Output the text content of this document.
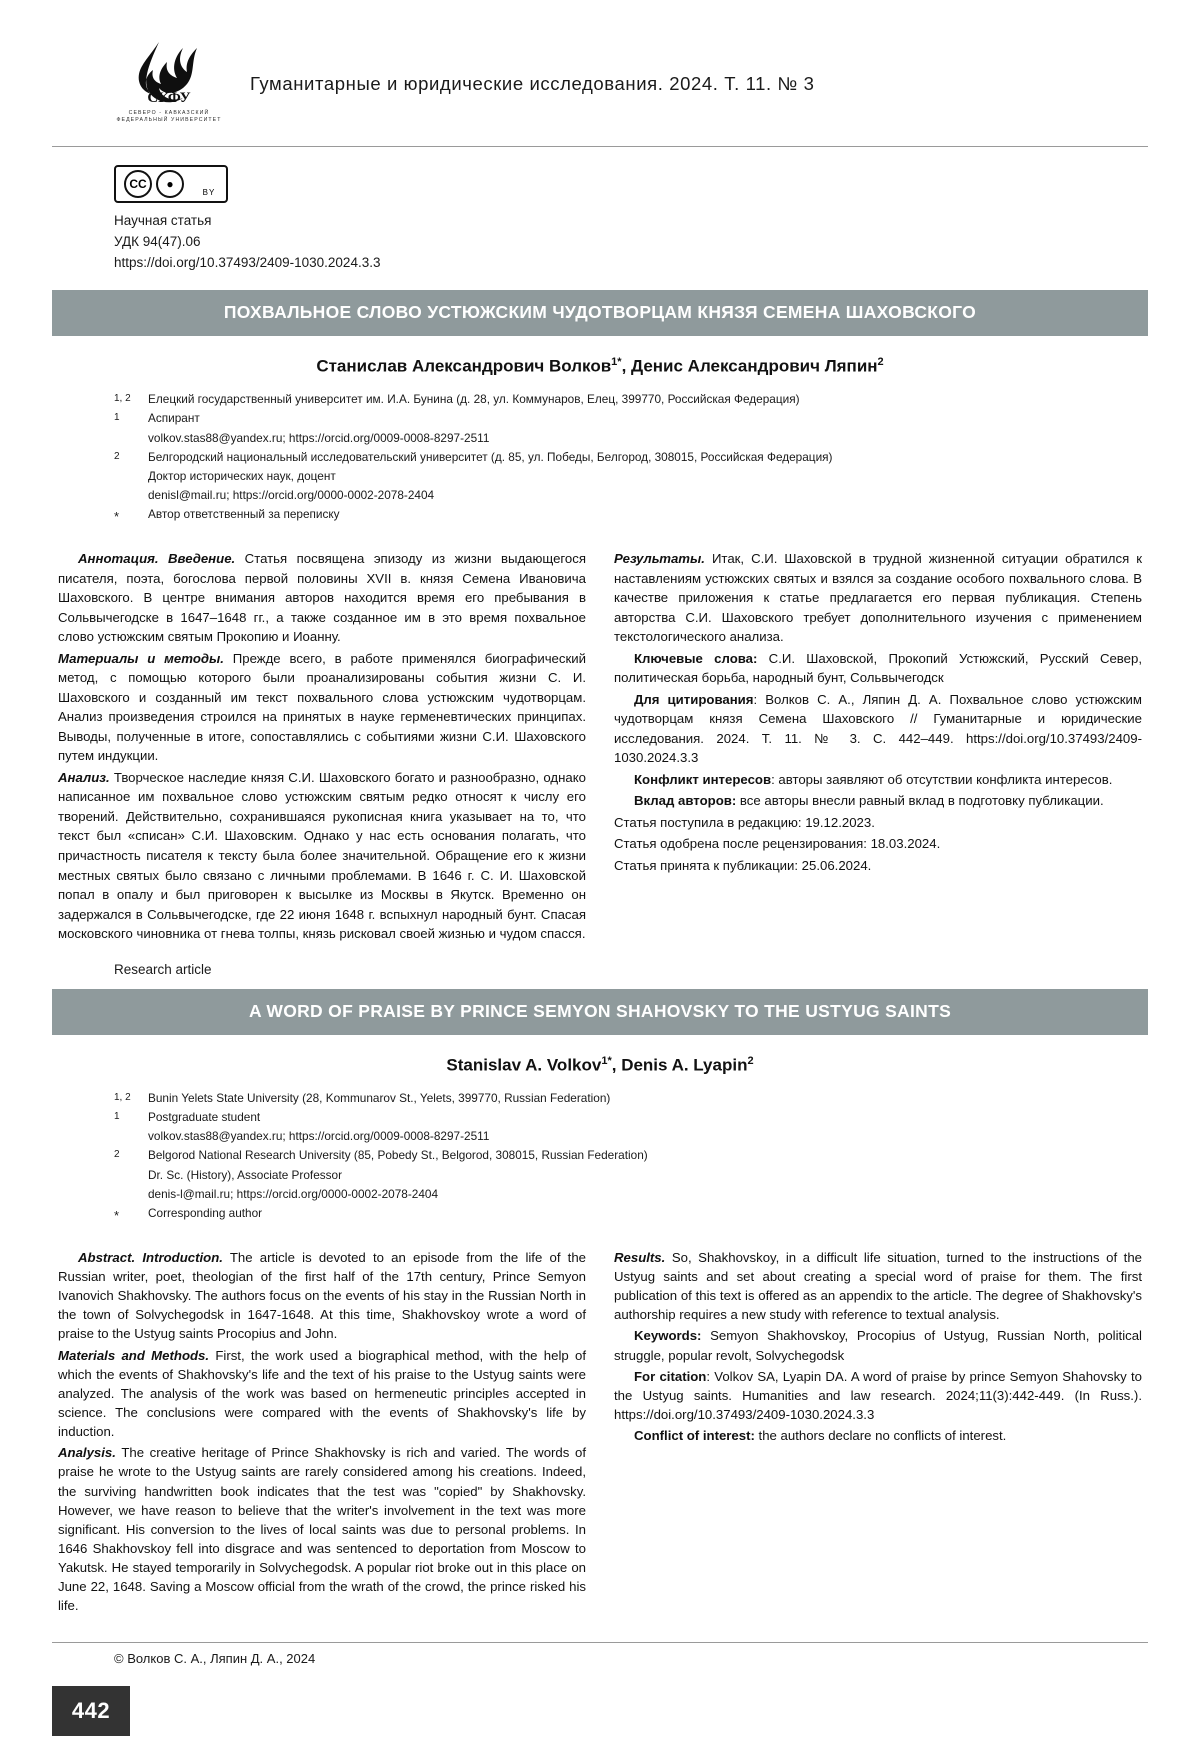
СКФУ
СЕВЕРО - КАВКАЗСКИЙ
ФЕДЕРАЛЬНЫЙ УНИВЕРСИТЕТ
Гуманитарные и юридические исследования. 2024. Т. 11. № 3
CC	●
BY
Научная статья
УДК 94(47).06
https://doi.org/10.37493/2409-1030.2024.3.3
ПОХВАЛЬНОЕ СЛОВО УСТЮЖСКИМ ЧУДОТВОРЦАМ КНЯЗЯ СЕМЕНА ШАХОВСКОГО
Станислав Александрович Волков$^{1*}$, Денис Александрович Ляпин$^2$
1, 2	Елецкий государственный университет им. И.А. Бунина (д. 28, ул. Коммунаров, Елец, 399770, Российская Федерация)
1	Аспирант
volkov.stas88@yandex.ru; https://orcid.org/0009-0008-8297-2511
2	Белгородский национальный исследовательский университет (д. 85, ул. Победы, Белгород, 308015, Российская Федерация)
Доктор исторических наук, доцент
denisl@mail.ru; https://orcid.org/0000-0002-2078-2404
*	Автор ответственный за переписку

Аннотация. Введение. Статья посвящена эпизоду из жизни выдающегося писателя, поэта, богослова первой половины XVII в. князя Семена Ивановича Шаховского. В центре внимания авторов находится время его пребывания в Сольвычегодске в 1647–1648 гг., а также созданное им в это время похвальное слово устюжским святым Прокопию и Иоанну.

Материалы и методы. Прежде всего, в работе применялся биографический метод, с помощью которого были проанализированы события жизни С. И. Шаховского и созданный им текст похвального слова устюжским чудотворцам. Анализ произведения строился на принятых в науке герменевтических принципах. Выводы, полученные в итоге, сопоставлялись с событиями жизни С.И. Шаховского путем индукции.

Анализ. Творческое наследие князя С.И. Шаховского богато и разнообразно, однако написанное им похвальное слово устюжским святым редко относят к числу его творений. Действительно, сохранившаяся рукописная книга указывает на то, что текст был «списан» С.И. Шаховским. Однако у нас есть основания полагать, что причастность писателя к тексту была более значительной. Обращение его к жизни местных святых было связано с личными проблемами. В 1646 г. С. И. Шаховской попал в опалу и был приговорен к высылке из Москвы в Якутск. Временно он задержался в Сольвычегодске, где 22 июня 1648 г. вспыхнул народный бунт. Спасая московского чиновника от гнева толпы, князь рисковал своей жизнью и чудом спасся.

Результаты. Итак, С.И. Шаховской в трудной жизненной ситуации обратился к наставлениям устюжских святых и взялся за создание особого похвального слова. В качестве приложения к статье предлагается его первая публикация. Степень авторства С.И. Шаховского требует дополнительного изучения с применением текстологического анализа.

Ключевые слова: С.И. Шаховской, Прокопий Устюжский, Русский Север, политическая борьба, народный бунт, Сольвычегодск

Для цитирования: Волков С. А., Ляпин Д. А. Похвальное слово устюжским чудотворцам князя Семена Шаховского // Гуманитарные и юридические исследования. 2024. Т. 11. № 3. С. 442–449. https://doi.org/10.37493/2409-1030.2024.3.3

Конфликт интересов: авторы заявляют об отсутствии конфликта интересов.

Вклад авторов: все авторы внесли равный вклад в подготовку публикации.

Статья поступила в редакцию: 19.12.2023.

Статья одобрена после рецензирования: 18.03.2024.

Статья принята к публикации: 25.06.2024.

Research article
A WORD OF PRAISE BY PRINCE SEMYON SHAHOVSKY TO THE USTYUG SAINTS
Stanislav A. Volkov$^{1*}$, Denis A. Lyapin$^2$
1, 2	Bunin Yelets State University (28, Kommunarov St., Yelets, 399770, Russian Federation)
1	Postgraduate student
volkov.stas88@yandex.ru; https://orcid.org/0009-0008-8297-2511
2	Belgorod National Research University (85, Pobedy St., Belgorod, 308015, Russian Federation)
Dr. Sc. (History), Associate Professor
denis-l@mail.ru; https://orcid.org/0000-0002-2078-2404
*	Corresponding author

Abstract. Introduction. The article is devoted to an episode from the life of the Russian writer, poet, theologian of the first half of the 17th century, Prince Semyon Ivanovich Shakhovsky. The authors focus on the events of his stay in the Russian North in the town of Solvychegodsk in 1647-1648. At this time, Shakhovskoy wrote a word of praise to the Ustyug saints Procopius and John.

Materials and Methods. First, the work used a biographical method, with the help of which the events of Shakhovsky's life and the text of his praise to the Ustyug saints were analyzed. The analysis of the work was based on hermeneutic principles accepted in science. The conclusions were compared with the events of Shakhovsky's life by induction.

Analysis. The creative heritage of Prince Shakhovsky is rich and varied. The words of praise he wrote to the Ustyug saints are rarely considered among his creations. Indeed, the surviving handwritten book indicates that the test was "copied" by Shakhovsky. However, we have reason to believe that the writer's involvement in the text was more significant. His conversion to the lives of local saints was due to personal problems. In 1646 Shakhovskoy fell into disgrace and was sentenced to deportation from Moscow to Yakutsk. He stayed temporarily in Solvychegodsk. A popular riot broke out in this place on June 22, 1648. Saving a Moscow official from the wrath of the crowd, the prince risked his life.

Results. So, Shakhovskoy, in a difficult life situation, turned to the instructions of the Ustyug saints and set about creating a special word of praise for them. The first publication of this text is offered as an appendix to the article. The degree of Shakhovsky's authorship requires a new study with reference to textual analysis.

Keywords: Semyon Shakhovskoy, Procopius of Ustyug, Russian North, political struggle, popular revolt, Solvychegodsk

For citation: Volkov SA, Lyapin DA. A word of praise by prince Semyon Shahovsky to the Ustyug saints. Humanities and law research. 2024;11(3):442-449. (In Russ.). https://doi.org/10.37493/2409-1030.2024.3.3

Conflict of interest: the authors declare no conflicts of interest.

© Волков С. А., Ляпин Д. А., 2024
442
